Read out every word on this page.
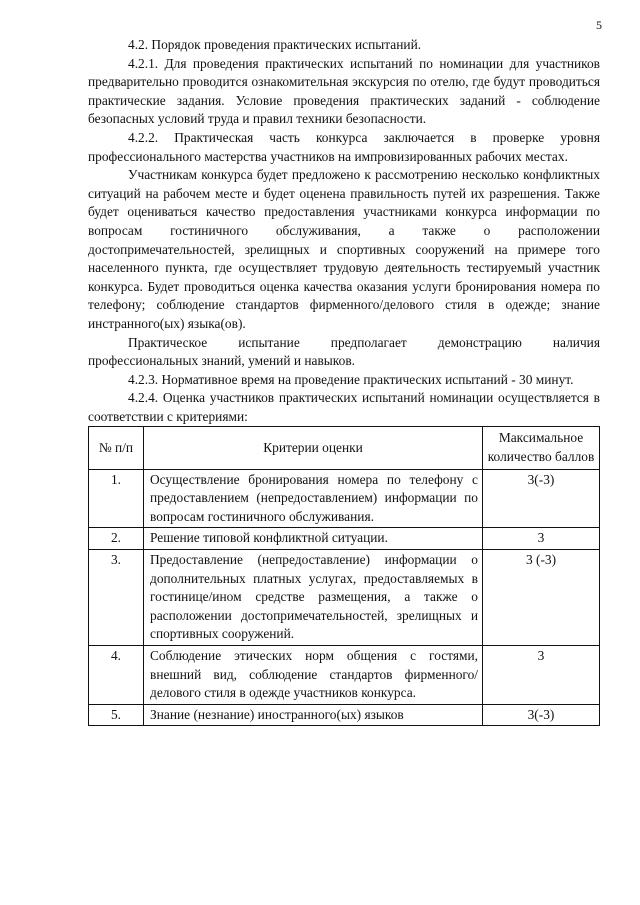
5

4.2. Порядок проведения практических испытаний.

4.2.1. Для проведения практических испытаний по номинации для участников предварительно проводится ознакомительная экскурсия по отелю, где будут проводиться практические задания. Условие проведения практических заданий - соблюдение безопасных условий труда и правил техники безопасности.

4.2.2. Практическая часть конкурса заключается в проверке уровня профессионального мастерства участников на импровизированных рабочих местах.

Участникам конкурса будет предложено к рассмотрению несколько конфликтных ситуаций на рабочем месте и будет оценена правильность путей их разрешения. Также будет оцениваться качество предоставления участниками конкурса информации по вопросам гостиничного обслуживания, а также о расположении достопримечательностей, зрелищных и спортивных сооружений на примере того населенного пункта, где осуществляет трудовую деятельность тестируемый участник конкурса. Будет проводиться оценка качества оказания услуги бронирования номера по телефону; соблюдение стандартов фирменного/делового стиля в одежде; знание инстранного(ых) языка(ов).

Практическое испытание предполагает демонстрацию наличия профессиональных знаний, умений и навыков.

4.2.3. Нормативное время на проведение практических испытаний - 30 минут.

4.2.4. Оценка участников практических испытаний номинации осуществляется в соответствии с критериями:

№ п/п	Критерии оценки	Максимальное количество баллов
1.	Осуществление бронирования номера по телефону с предоставлением (непредоставлением) информации по вопросам гостиничного обслуживания.	3(-3)
2.	Решение типовой конфликтной ситуации.	3
3.	Предоставление (непредоставление) информации о дополнительных платных услугах, предоставляемых в гостинице/ином средстве размещения, а также о расположении достопримечательностей, зрелищных и спортивных сооружений.	3 (-3)
4.	Соблюдение этических норм общения с гостями, внешний вид, соблюдение стандартов фирменного/делового стиля в одежде участников конкурса.	3
5.	Знание (незнание) иностранного(ых) языков	3(-3)
